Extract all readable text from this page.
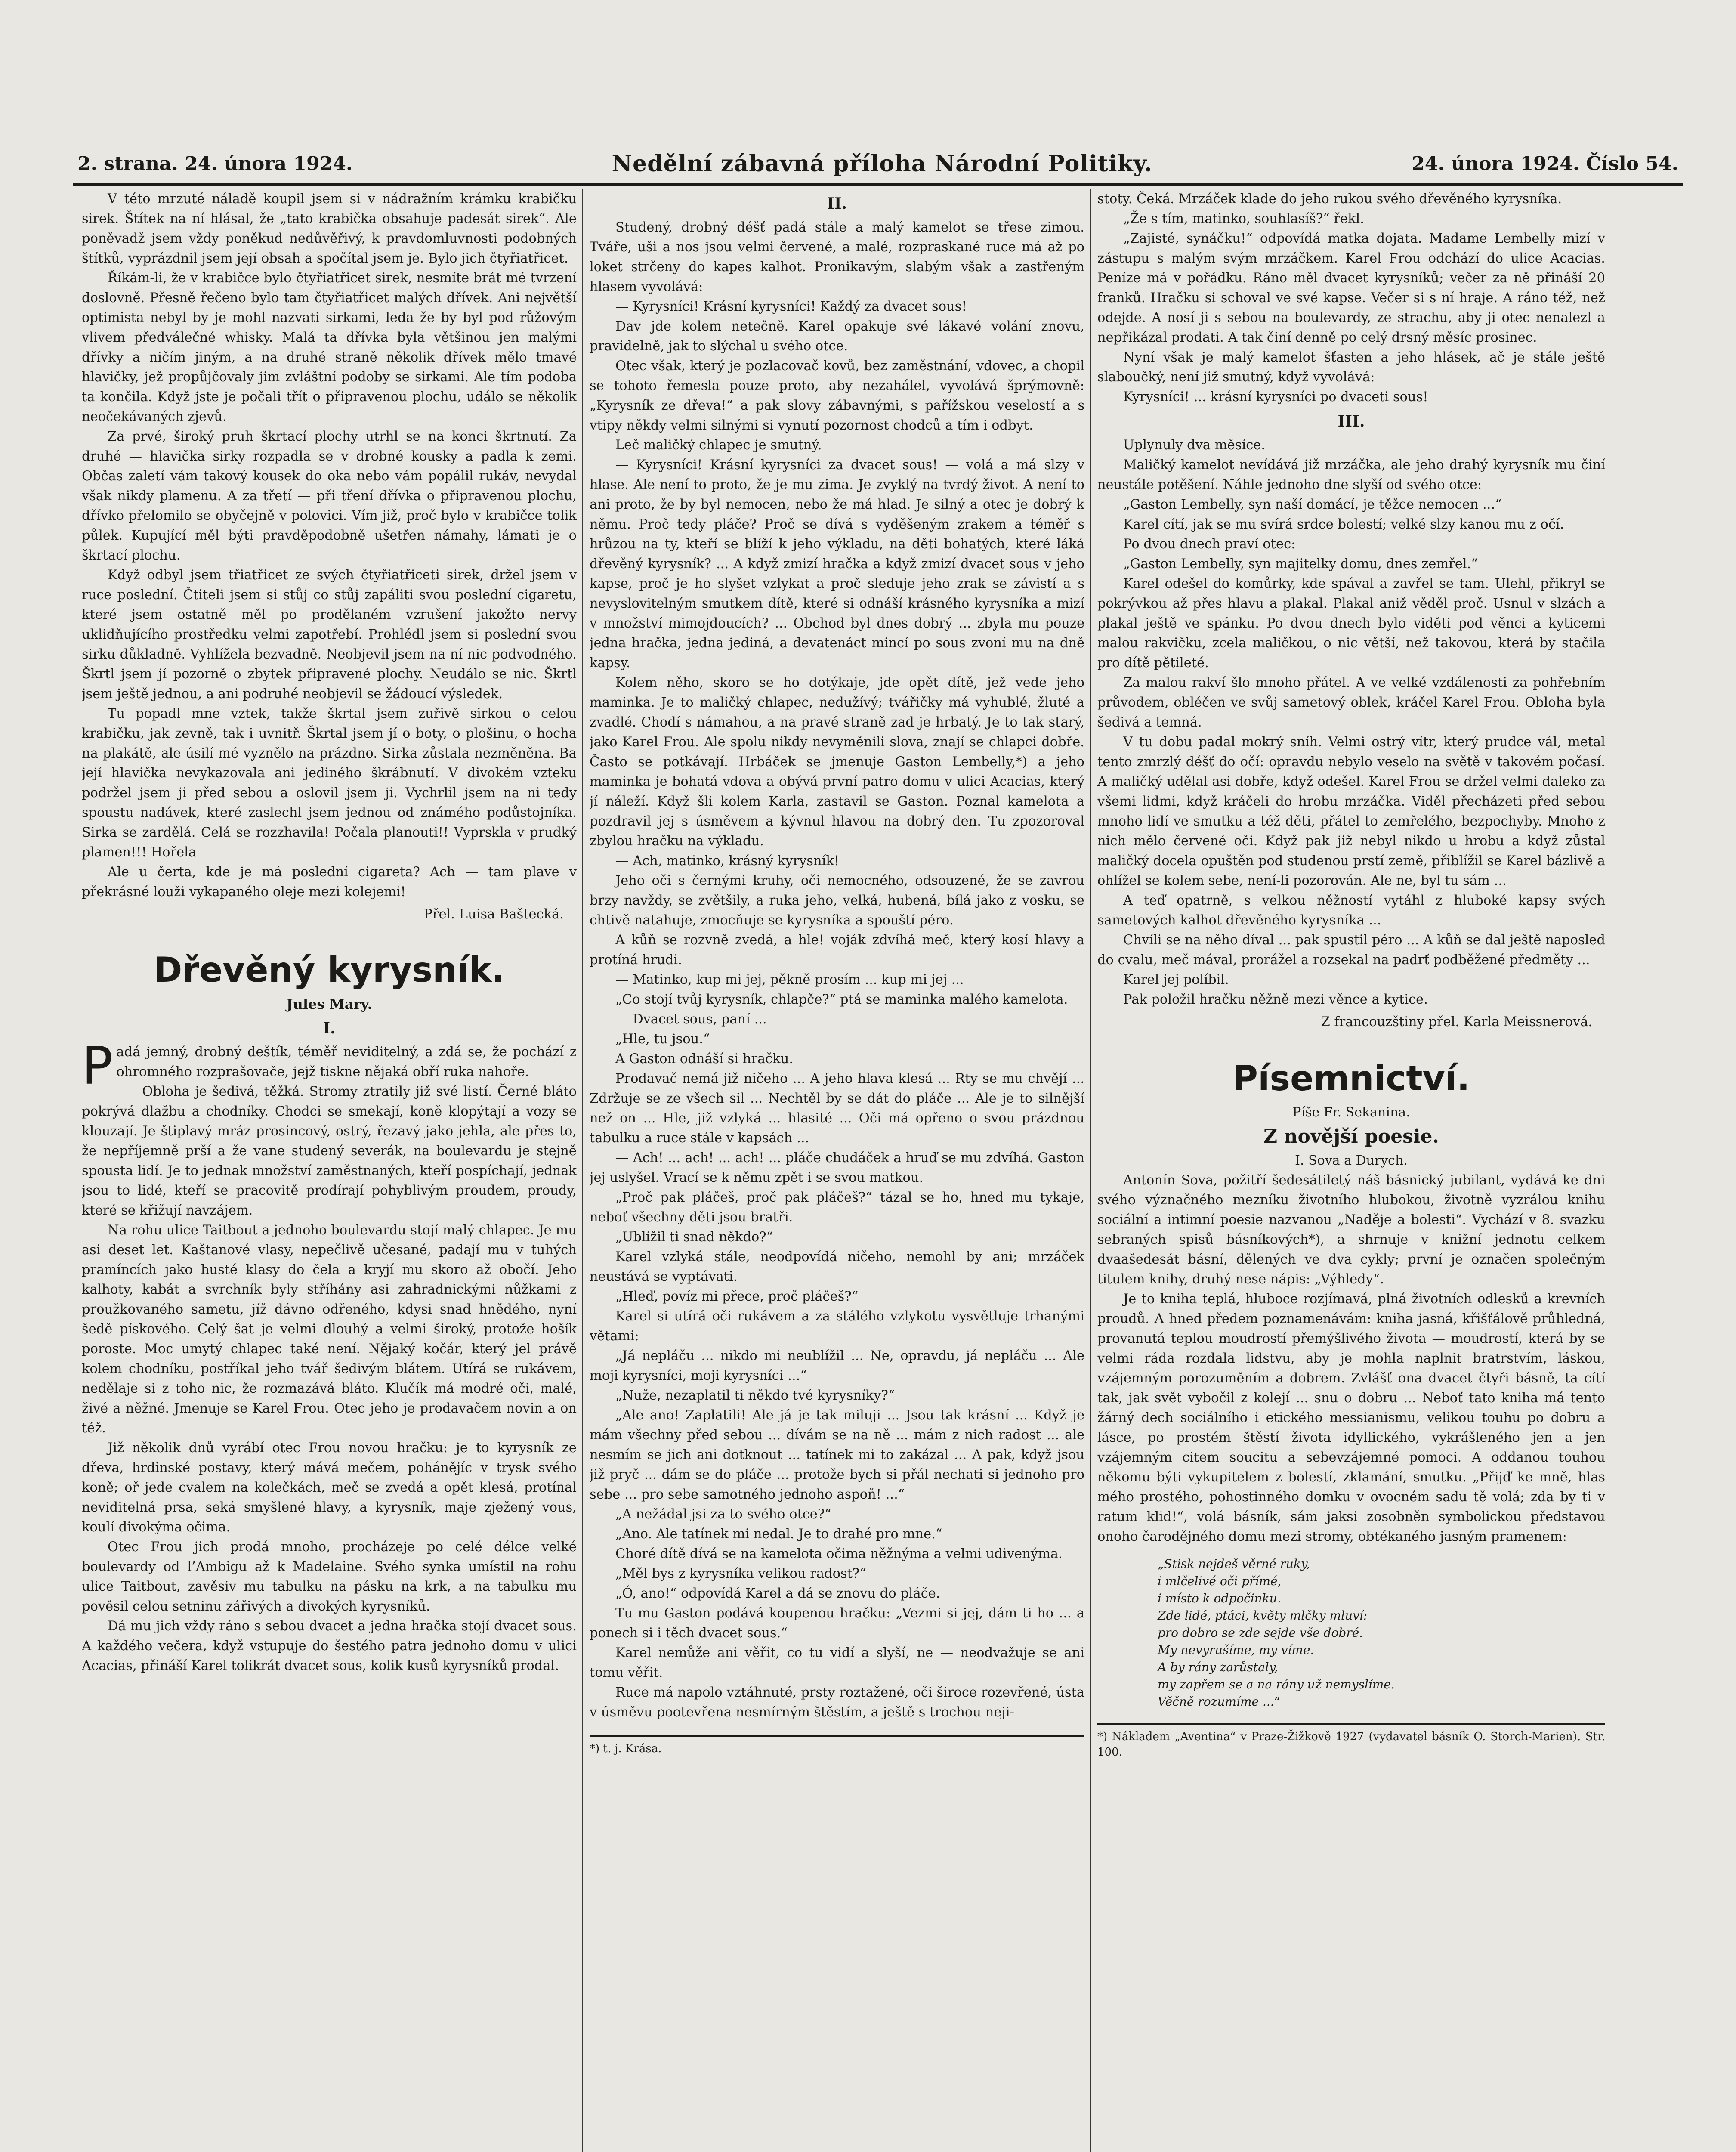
2. strana. 24. února 1924.	Nedělní zábavná příloha Národní Politiky.	24. února 1924. Číslo 54.

V této mrzuté náladě koupil jsem si v nádražním krámku krabičku sirek. Štítek na ní hlásal, že „tato krabička obsahuje padesát sirek“. Ale poněvadž jsem vždy poněkud nedůvěřivý, k pravdomluvnosti podobných štítků, vyprázdnil jsem její obsah a spočítal jsem je. Bylo jich čtyřiatřicet.

Říkám-li, že v krabičce bylo čtyřiatřicet sirek, nesmíte brát mé tvrzení doslovně. Přesně řečeno bylo tam čtyřiatřicet malých dřívek. Ani největší optimista nebyl by je mohl nazvati sirkami, leda že by byl pod růžovým vlivem předválečné whisky. Malá ta dřívka byla většinou jen malými dřívky a ničím jiným, a na druhé straně několik dřívek mělo tmavé hlavičky, jež propůjčovaly jim zvláštní podoby se sirkami. Ale tím podoba ta končila. Když jste je počali třít o připravenou plochu, událo se několik neočekávaných zjevů.

Za prvé, široký pruh škrtací plochy utrhl se na konci škrtnutí. Za druhé — hlavička sirky rozpadla se v drobné kousky a padla k zemi. Občas zaletí vám takový kousek do oka nebo vám popálil rukáv, nevydal však nikdy plamenu. A za třetí — při tření dřívka o připravenou plochu, dřívko přelomilo se obyčejně v polovici. Vím již, proč bylo v krabičce tolik půlek. Kupující měl býti pravděpodobně ušetřen námahy, lámati je o škrtací plochu.

Když odbyl jsem třiatřicet ze svých čtyřiatřiceti sirek, držel jsem v ruce poslední. Čtiteli jsem si stůj co stůj zapáliti svou poslední cigaretu, které jsem ostatně měl po prodělaném vzrušení jakožto nervy uklidňujícího prostředku velmi zapotřebí. Prohlédl jsem si poslední svou sirku důkladně. Vyhlížela bezvadně. Neobjevil jsem na ní nic podvodného. Škrtl jsem jí pozorně o zbytek připravené plochy. Neudálo se nic. Škrtl jsem ještě jednou, a ani podruhé neobjevil se žádoucí výsledek.

Tu popadl mne vztek, takže škrtal jsem zuřivě sirkou o celou krabičku, jak zevně, tak i uvnitř. Škrtal jsem jí o boty, o plošinu, o hocha na plakátě, ale úsilí mé vyznělo na prázdno. Sirka zůstala nezměněna. Ba její hlavička nevykazovala ani jediného škrábnutí. V divokém vzteku podržel jsem ji před sebou a oslovil jsem ji. Vychrlil jsem na ni tedy spoustu nadávek, které zaslechl jsem jednou od známého podůstojníka. Sirka se zardělá. Celá se rozzhavila! Počala planouti!! Vyprskla v prudký plamen!!! Hořela —

Ale u čerta, kde je má poslední cigareta? Ach — tam plave v překrásné louži vykapaného oleje mezi kolejemi!

Přel. Luisa Baštecká.

Dřevěný kyrysník.
Jules Mary.
I.

Padá jemný, drobný deštík, téměř neviditelný, a zdá se, že pochází z ohromného rozprašovače, jejž tiskne nějaká obří ruka nahoře.

Obloha je šedivá, těžká. Stromy ztratily již své listí. Černé bláto pokrývá dlažbu a chodníky. Chodci se smekají, koně klopýtají a vozy se klouzají. Je štiplavý mráz prosincový, ostrý, řezavý jako jehla, ale přes to, že nepříjemně prší a že vane studený severák, na boulevardu je stejně spousta lidí. Je to jednak množství zaměstnaných, kteří pospíchají, jednak jsou to lidé, kteří se pracovitě prodírají pohyblivým proudem, proudy, které se křižují navzájem.

Na rohu ulice Taitbout a jednoho boulevardu stojí malý chlapec. Je mu asi deset let. Kaštanové vlasy, nepečlivě učesané, padají mu v tuhých pramíncích jako husté klasy do čela a kryjí mu skoro až obočí. Jeho kalhoty, kabát a svrchník byly stříhány asi zahradnickými nůžkami z proužkovaného sametu, jíž dávno odřeného, kdysi snad hnědého, nyní šedě pískového. Celý šat je velmi dlouhý a velmi široký, protože hošík poroste. Moc umytý chlapec také není. Nějaký kočár, který jel právě kolem chodníku, postříkal jeho tvář šedivým blátem. Utírá se rukávem, nedělaje si z toho nic, že rozmazává bláto. Klučík má modré oči, malé, živé a něžné. Jmenuje se Karel Frou. Otec jeho je prodavačem novin a on též.

Již několik dnů vyrábí otec Frou novou hračku: je to kyrysník ze dřeva, hrdinské postavy, který mává mečem, pohánějíc v trysk svého koně; oř jede cvalem na kolečkách, meč se zvedá a opět klesá, protínal neviditelná prsa, seká smyšlené hlavy, a kyrysník, maje zježený vous, koulí divokýma očima.

Otec Frou jich prodá mnoho, procházeje po celé délce velké boulevardy od l’Ambigu až k Madelaine. Svého synka umístil na rohu ulice Taitbout, zavěsiv mu tabulku na pásku na krk, a na tabulku mu pověsil celou setninu zářivých a divokých kyrysníků.

Dá mu jich vždy ráno s sebou dvacet a jedna hračka stojí dvacet sous. A každého večera, když vstupuje do šestého patra jednoho domu v ulici Acacias, přináší Karel tolikrát dvacet sous, kolik kusů kyrysníků prodal.

II.

Studený, drobný déšť padá stále a malý kamelot se třese zimou. Tváře, uši a nos jsou velmi červené, a malé, rozpraskané ruce má až po loket strčeny do kapes kalhot. Pronikavým, slabým však a zastřeným hlasem vyvolává:

— Kyrysníci! Krásní kyrysníci! Každý za dvacet sous!

Dav jde kolem netečně. Karel opakuje své lákavé volání znovu, pravidelně, jak to slýchal u svého otce.

Otec však, který je pozlacovač kovů, bez zaměstnání, vdovec, a chopil se tohoto řemesla pouze proto, aby nezahálel, vyvolává šprýmovně: „Kyrysník ze dřeva!“ a pak slovy zábavnými, s pařížskou veselostí a s vtipy někdy velmi silnými si vynutí pozornost chodců a tím i odbyt.

Leč maličký chlapec je smutný.

— Kyrysníci! Krásní kyrysníci za dvacet sous! — volá a má slzy v hlase. Ale není to proto, že je mu zima. Je zvyklý na tvrdý život. A není to ani proto, že by byl nemocen, nebo že má hlad. Je silný a otec je dobrý k němu. Proč tedy pláče? Proč se dívá s vyděšeným zrakem a téměř s hrůzou na ty, kteří se blíží k jeho výkladu, na děti bohatých, které láká dřevěný kyrysník? ... A když zmizí hračka a když zmizí dvacet sous v jeho kapse, proč je ho slyšet vzlykat a proč sleduje jeho zrak se závistí a s nevyslovitelným smutkem dítě, které si odnáší krásného kyrysníka a mizí v množství mimojdoucích? ... Obchod byl dnes dobrý ... zbyla mu pouze jedna hračka, jedna jediná, a devatenáct mincí po sous zvoní mu na dně kapsy.

Kolem něho, skoro se ho dotýkaje, jde opět dítě, jež vede jeho maminka. Je to maličký chlapec, nedužívý; tvářičky má vyhublé, žluté a zvadlé. Chodí s námahou, a na pravé straně zad je hrbatý. Je to tak starý, jako Karel Frou. Ale spolu nikdy nevyměnili slova, znají se chlapci dobře. Často se potkávají. Hrbáček se jmenuje Gaston Lembelly,*) a jeho maminka je bohatá vdova a obývá první patro domu v ulici Acacias, který jí náleží. Když šli kolem Karla, zastavil se Gaston. Poznal kamelota a pozdravil jej s úsměvem a kývnul hlavou na dobrý den. Tu zpozoroval zbylou hračku na výkladu.

— Ach, matinko, krásný kyrysník!

Jeho oči s černými kruhy, oči nemocného, odsouzené, že se zavrou brzy navždy, se zvětšily, a ruka jeho, velká, hubená, bílá jako z vosku, se chtivě natahuje, zmocňuje se kyrysníka a spouští péro.

A kůň se rozvně zvedá, a hle! voják zdvíhá meč, který kosí hlavy a protíná hrudi.

— Matinko, kup mi jej, pěkně prosím ... kup mi jej ...

„Co stojí tvůj kyrysník, chlapče?“ ptá se maminka malého kamelota.

— Dvacet sous, paní ...

„Hle, tu jsou.“

A Gaston odnáší si hračku.

Prodavač nemá již ničeho ... A jeho hlava klesá ... Rty se mu chvějí ... Zdržuje se ze všech sil ... Nechtěl by se dát do pláče ... Ale je to silnější než on ... Hle, již vzlyká ... hlasité ... Oči má opřeno o svou prázdnou tabulku a ruce stále v kapsách ...

— Ach! ... ach! ... ach! ... pláče chudáček a hruď se mu zdvíhá. Gaston jej uslyšel. Vrací se k němu zpět i se svou matkou.

„Proč pak pláčeš, proč pak pláčeš?“ tázal se ho, hned mu tykaje, neboť všechny děti jsou bratři.

„Ublížil ti snad někdo?“

Karel vzlyká stále, neodpovídá ničeho, nemohl by ani; mrzáček neustává se vyptávati.

„Hleď, povíz mi přece, proč pláčeš?“

Karel si utírá oči rukávem a za stálého vzlykotu vysvětluje trhanými větami:

„Já nepláču ... nikdo mi neublížil ... Ne, opravdu, já nepláču ... Ale moji kyrysníci, moji kyrysníci ...“

„Nuže, nezaplatil ti někdo tvé kyrysníky?“

„Ale ano! Zaplatili! Ale já je tak miluji ... Jsou tak krásní ... Když je mám všechny před sebou ... dívám se na ně ... mám z nich radost ... ale nesmím se jich ani dotknout ... tatínek mi to zakázal ... A pak, když jsou již pryč ... dám se do pláče ... protože bych si přál nechati si jednoho pro sebe ... pro sebe samotného jednoho aspoň! ...“

„A nežádal jsi za to svého otce?“

„Ano. Ale tatínek mi nedal. Je to drahé pro mne.“

Choré dítě dívá se na kamelota očima něžnýma a velmi udivenýma.

„Měl bys z kyrysníka velikou radost?“

„Ó, ano!“ odpovídá Karel a dá se znovu do pláče.

Tu mu Gaston podává koupenou hračku: „Vezmi si jej, dám ti ho ... a ponech si i těch dvacet sous.“

Karel nemůže ani věřit, co tu vidí a slyší, ne — neodvažuje se ani tomu věřit.

Ruce má napolo vztáhnuté, prsty roztažené, oči široce rozevřené, ústa v úsměvu pootevřena nesmírným štěstím, a ještě s trochou neji-

*) t. j. Krása.

stoty. Čeká. Mrzáček klade do jeho rukou svého dřevěného kyrysníka.

„Že s tím, matinko, souhlasíš?“ řekl.

„Zajisté, synáčku!“ odpovídá matka dojata. Madame Lembelly mizí v zástupu s malým svým mrzáčkem. Karel Frou odchází do ulice Acacias. Peníze má v pořádku. Ráno měl dvacet kyrysníků; večer za ně přináší 20 franků. Hračku si schoval ve své kapse. Večer si s ní hraje. A ráno též, než odejde. A nosí ji s sebou na boulevardy, ze strachu, aby ji otec nenalezl a nepřikázal prodati. A tak činí denně po celý drsný měsíc prosinec.

Nyní však je malý kamelot šťasten a jeho hlásek, ač je stále ještě slaboučký, není již smutný, když vyvolává:

Kyrysníci! ... krásní kyrysníci po dvaceti sous!

III.

Uplynuly dva měsíce.

Maličký kamelot nevídává již mrzáčka, ale jeho drahý kyrysník mu činí neustále potěšení. Náhle jednoho dne slyší od svého otce:

„Gaston Lembelly, syn naší domácí, je těžce nemocen ...“

Karel cítí, jak se mu svírá srdce bolestí; velké slzy kanou mu z očí.

Po dvou dnech praví otec:

„Gaston Lembelly, syn majitelky domu, dnes zemřel.“

Karel odešel do komůrky, kde spával a zavřel se tam. Ulehl, přikryl se pokrývkou až přes hlavu a plakal. Plakal aniž věděl proč. Usnul v slzách a plakal ještě ve spánku. Po dvou dnech bylo viděti pod věnci a kyticemi malou rakvičku, zcela maličkou, o nic větší, než takovou, která by stačila pro dítě pětileté.

Za malou rakví šlo mnoho přátel. A ve velké vzdálenosti za pohřebním průvodem, obléčen ve svůj sametový oblek, kráčel Karel Frou. Obloha byla šedivá a temná.

V tu dobu padal mokrý sníh. Velmi ostrý vítr, který prudce vál, metal tento zmrzlý déšť do očí: opravdu nebylo veselo na světě v takovém počasí. A maličký udělal asi dobře, když odešel. Karel Frou se držel velmi daleko za všemi lidmi, když kráčeli do hrobu mrzáčka. Viděl přecházeti před sebou mnoho lidí ve smutku a též děti, přátel to zemřelého, bezpochyby. Mnoho z nich mělo červené oči. Když pak již nebyl nikdo u hrobu a když zůstal maličký docela opuštěn pod studenou prstí země, přiblížil se Karel bázlivě a ohlížel se kolem sebe, není-li pozorován. Ale ne, byl tu sám ...

A teď opatrně, s velkou něžností vytáhl z hluboké kapsy svých sametových kalhot dřevěného kyrysníka ...

Chvíli se na něho díval ... pak spustil péro ... A kůň se dal ještě naposled do cvalu, meč mával, prorážel a rozsekal na padrť podběžené předměty ...

Karel jej políbil.

Pak položil hračku něžně mezi věnce a kytice.

Z francouzštiny přel. Karla Meissnerová.

Písemnictví.
Píše Fr. Sekanina.
Z novější poesie.
I. Sova a Durych.

Antonín Sova, požitří šedesátiletý náš básnický jubilant, vydává ke dni svého význačného mezníku životního hlubokou, životně vyzrálou knihu sociální a intimní poesie nazvanou „Naděje a bolesti“. Vychází v 8. svazku sebraných spisů básníkových*), a shrnuje v knižní jednotu celkem dvaašedesát básní, dělených ve dva cykly; první je označen společným titulem knihy, druhý nese nápis: „Výhledy“.

Je to kniha teplá, hluboce rozjímavá, plná životních odlesků a krevních proudů. A hned předem poznamenávám: kniha jasná, křišťálově průhledná, provanutá teplou moudrostí přemýšlivého života — moudrostí, která by se velmi ráda rozdala lidstvu, aby je mohla naplnit bratrstvím, láskou, vzájemným porozuměním a dobrem. Zvlášť ona dvacet čtyři básně, ta cítí tak, jak svět vybočil z kolejí ... snu o dobru ... Neboť tato kniha má tento žárný dech sociálního i etického messianismu, velikou touhu po dobru a lásce, po prostém štěstí života idyllického, vykrášleného jen a jen vzájemným citem soucitu a sebevzájemné pomoci. A oddanou touhou někomu býti vykupitelem z bolestí, zklamání, smutku. „Přijď ke mně, hlas mého prostého, pohostinného domku v ovocném sadu tě volá; zda by ti v ratum klid!“, volá básník, sám jaksi zosobněn symbolickou představou onoho čarodějného domu mezi stromy, obtékaného jasným pramenem:

„Stisk nejdeš věrné ruky,
i mlčelivé oči přímé,
i místo k odpočinku.
Zde lidé, ptáci, květy mlčky mluví:
pro dobro se zde sejde vše dobré.
My nevyrušíme, my víme.
A by rány zarůstaly,
my zapřem se a na rány už nemyslíme.
Věčně rozumíme ...“
*) Nákladem „Aventina“ v Praze-Žižkově 1927 (vydavatel básník O. Storch-Marien). Str. 100.
